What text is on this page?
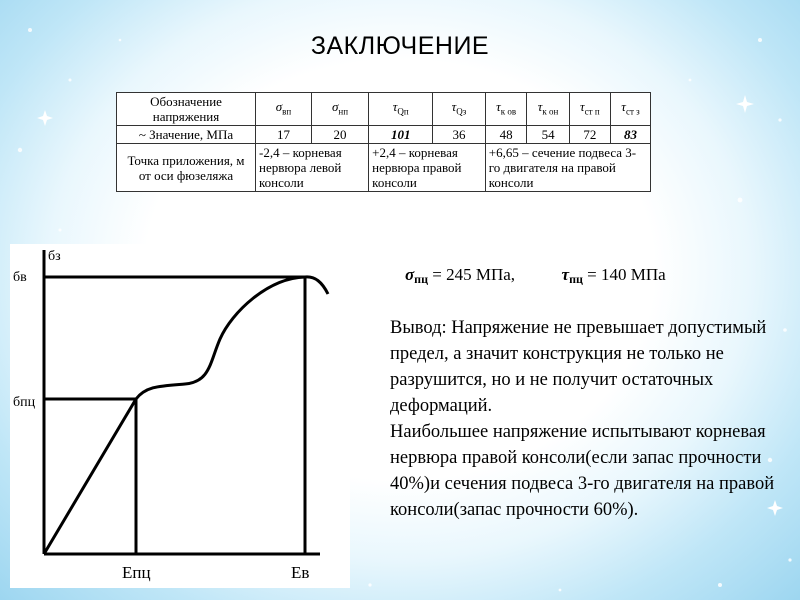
ЗАКЛЮЧЕНИЕ
Обозначение напряжения	$\sigma_{вп}$	$\sigma_{нп}$	$\tau_{Qп}$	$\tau_{Qз}$	$\tau_{к ов}$	$\tau_{к он}$	$\tau_{ст п}$	$\tau_{ст з}$
~ Значение, МПа	17	20	101	36	48	54	72	83
Точка приложения, м от оси фюзеляжа	-2,4 – корневая нервюра левой консоли		+2,4 – корневая нервюра правой консоли		+6,65 – сечение подвеса 3-го двигателя на правой консоли			
бз
бв
бпц
Eпц	Eв
σпц = 245 МПа,	τпц = 140 МПа

Вывод: Напряжение не превышает допустимый предел, а значит конструкция не только не разрушится, но и не получит остаточных деформаций.

Наибольшее напряжение испытывают корневая нервюра правой консоли(если запас прочности 40%)и сечения подвеса 3-го двигателя на правой консоли(запас прочности 60%).
